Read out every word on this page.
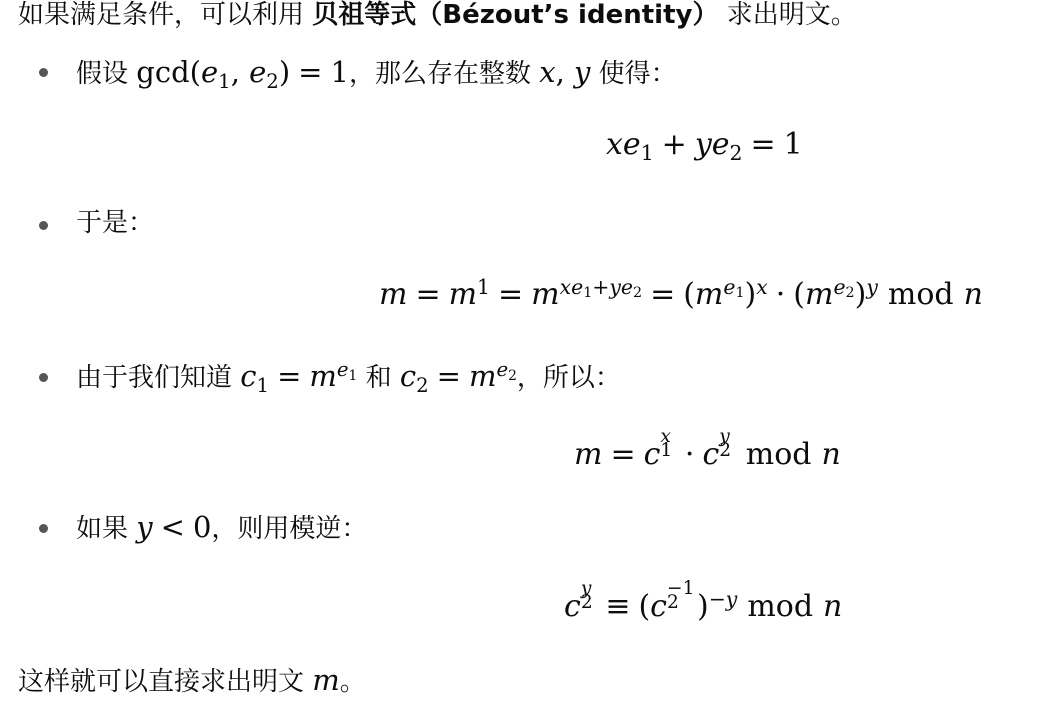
如果满足条件，可以利用 贝祖等式（Bézout’s identity） 求出明文。
假设 $\gcd(e_1$, $e_2) = 1$，那么存在整数 x, y 使得：
$xe_1 + ye_2 = 1$
于是：
$m = m^1 = m^{xe1+ye2} = (m^{e1})^x \cdot (m^{e2})^y$ mod n
由于我们知道 $c_1 = m^{e1}$ 和 $c_2 = m^{e2}$，所以：
m = c
x
1 · c
y
2 mod n
如果 y < 0，则用模逆：
c
y
2 ≡ (c
−1
2 )$^{-y}$ mod n
这样就可以直接求出明文 m。
